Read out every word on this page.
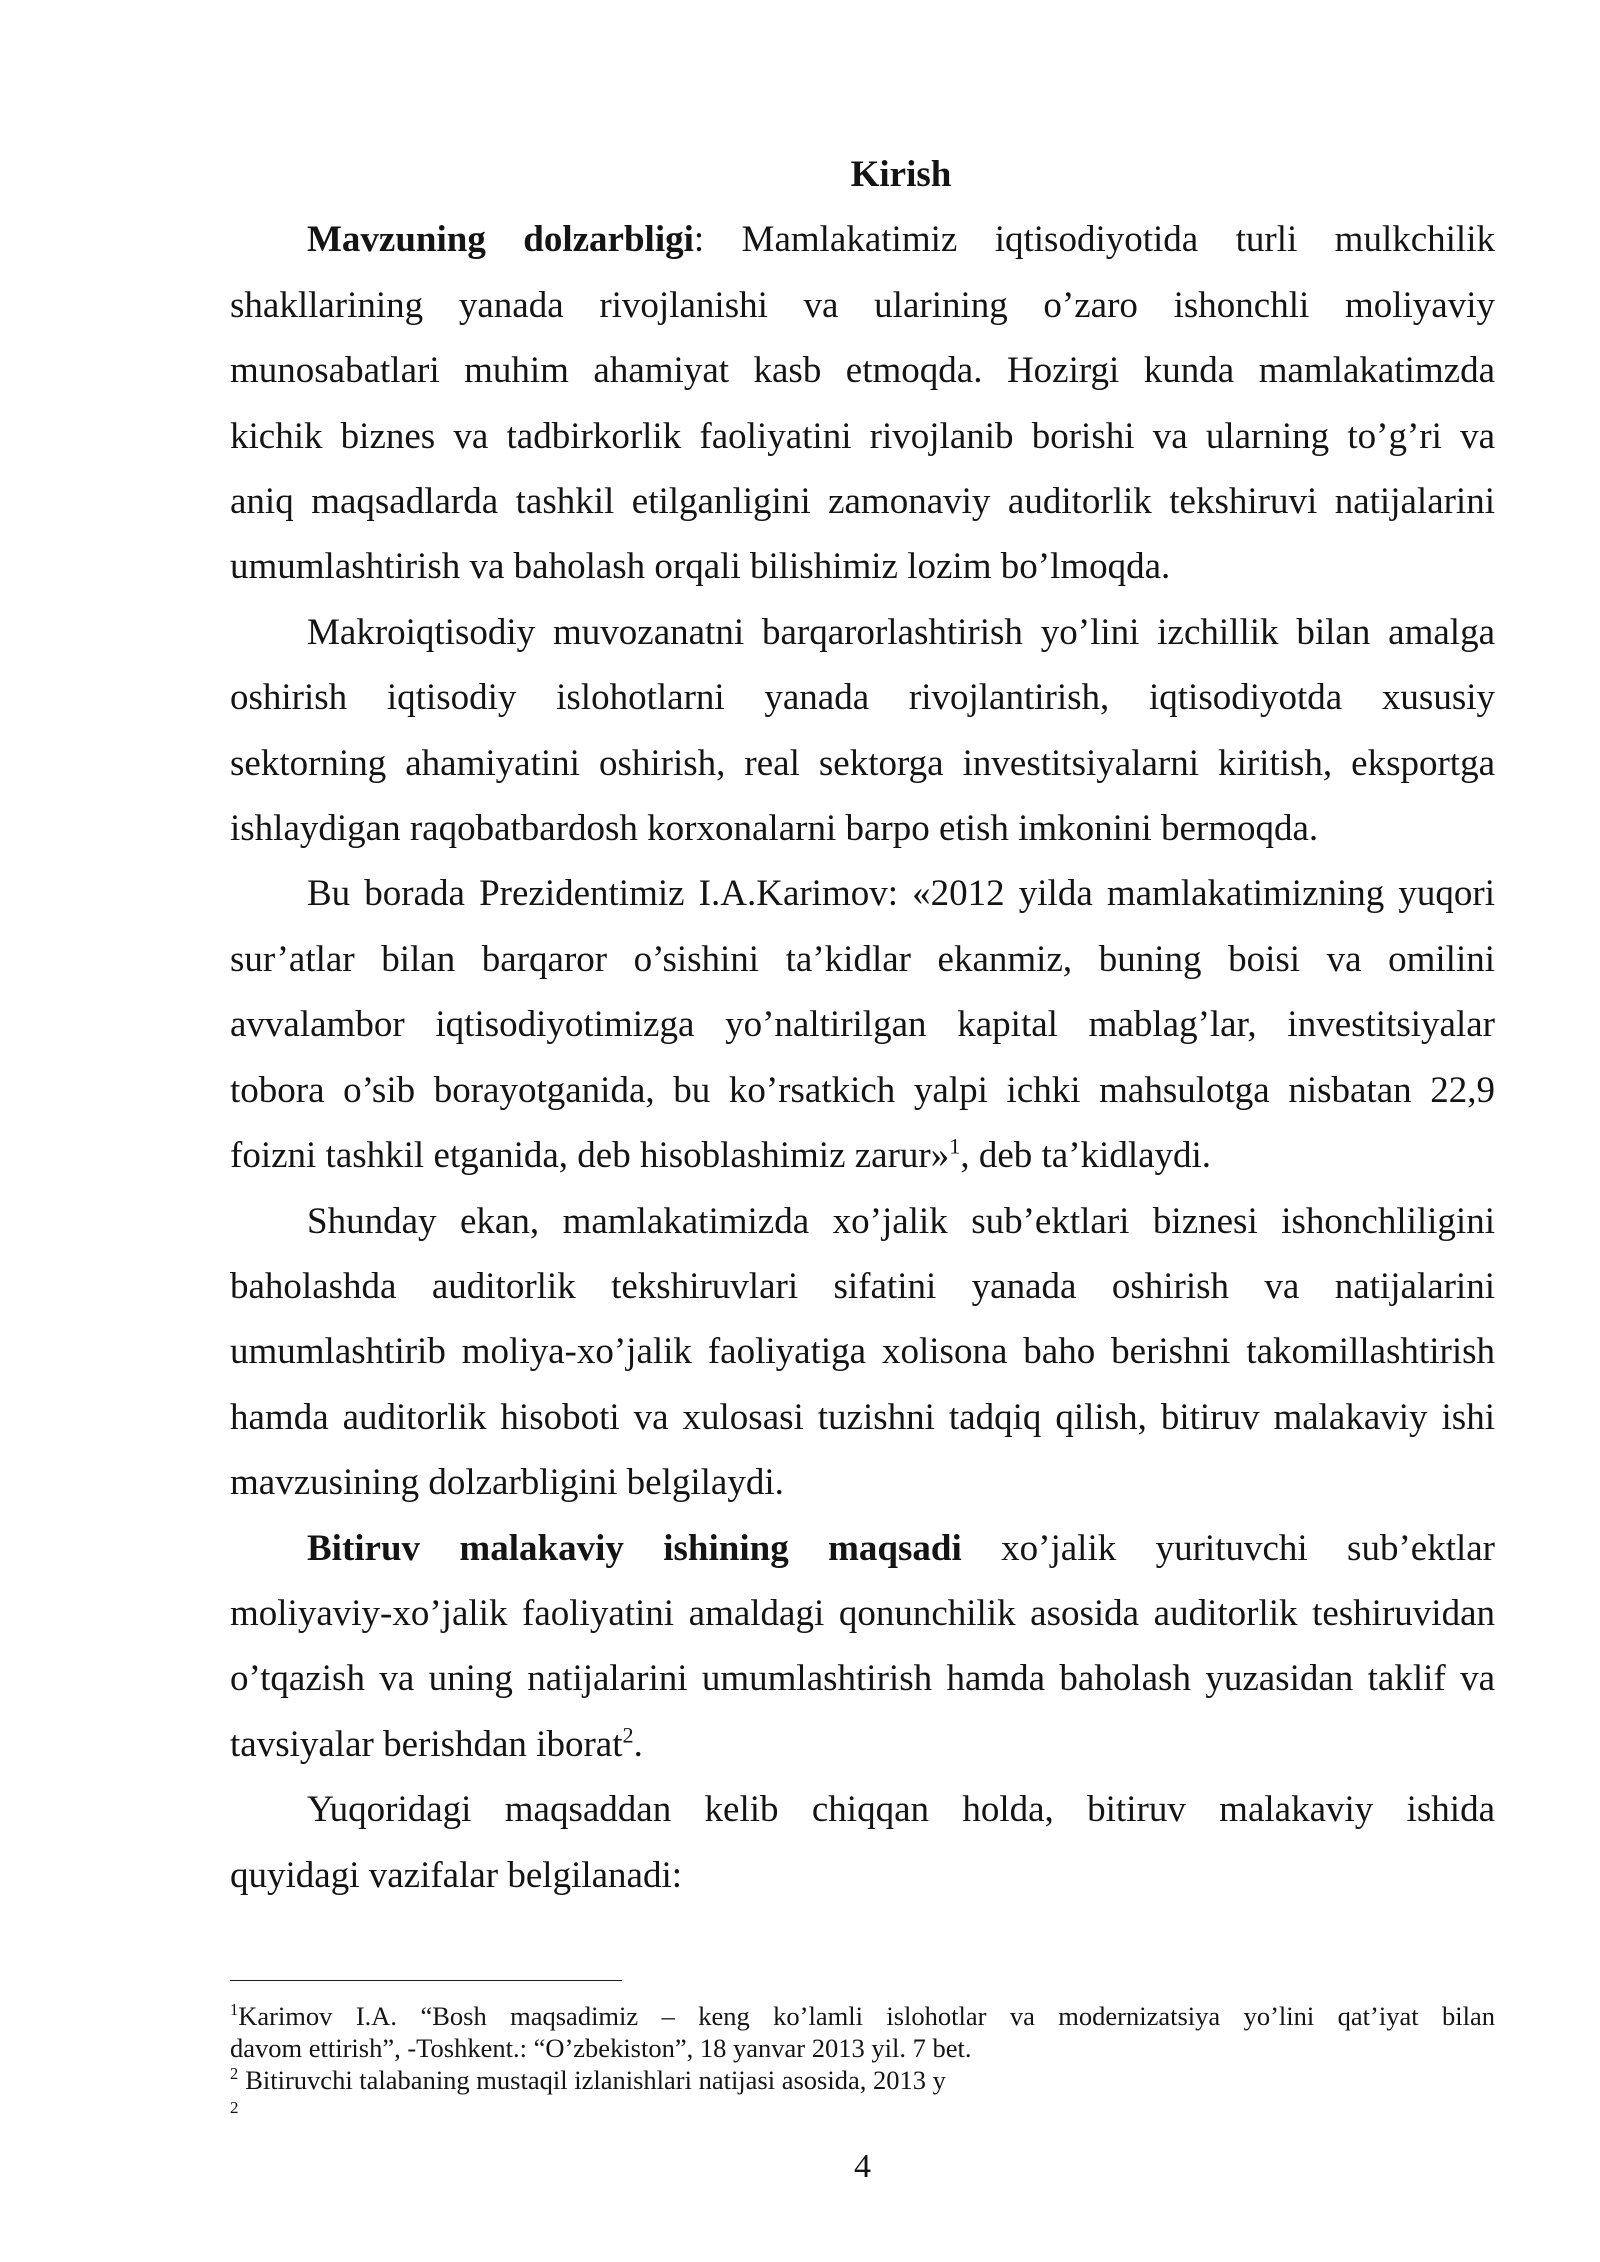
Kirish
Mavzuning dolzarbligi: Mamlakatimiz iqtisodiyotida turli mulkchilik
shakllarining yanada rivojlanishi va ularining o’zaro ishonchli moliyaviy
munosabatlari muhim ahamiyat kasb etmoqda. Hozirgi kunda mamlakatimzda
kichik biznes va tadbirkorlik faoliyatini rivojlanib borishi va ularning to’g’ri va
aniq maqsadlarda tashkil etilganligini zamonaviy auditorlik tekshiruvi natijalarini
umumlashtirish va baholash orqali bilishimiz lozim bo’lmoqda.
Makroiqtisodiy muvozanatni barqarorlashtirish yo’lini izchillik bilan amalga
oshirish iqtisodiy islohotlarni yanada rivojlantirish, iqtisodiyotda xususiy
sektorning ahamiyatini oshirish, real sektorga investitsiyalarni kiritish, eksportga
ishlaydigan raqobatbardosh korxonalarni barpo etish imkonini bermoqda.
Bu borada Prezidentimiz I.A.Karimov: «2012 yilda mamlakatimizning yuqori
sur’atlar bilan barqaror o’sishini ta’kidlar ekanmiz, buning boisi va omilini
avvalambor iqtisodiyotimizga yo’naltirilgan kapital mablag’lar, investitsiyalar
tobora o’sib borayotganida, bu ko’rsatkich yalpi ichki mahsulotga nisbatan 22,9
foizni tashkil etganida, deb hisoblashimiz zarur»$^1$, deb ta’kidlaydi.
Shunday ekan, mamlakatimizda xo’jalik sub’ektlari biznesi ishonchliligini
baholashda auditorlik tekshiruvlari sifatini yanada oshirish va natijalarini
umumlashtirib moliya-xo’jalik faoliyatiga xolisona baho berishni takomillashtirish
hamda auditorlik hisoboti va xulosasi tuzishni tadqiq qilish, bitiruv malakaviy ishi
mavzusining dolzarbligini belgilaydi.
Bitiruv malakaviy ishining maqsadi xo’jalik yurituvchi sub’ektlar
moliyaviy-xo’jalik faoliyatini amaldagi qonunchilik asosida auditorlik teshiruvidan
o’tqazish va uning natijalarini umumlashtirish hamda baholash yuzasidan taklif va
tavsiyalar berishdan iborat$^2$.
Yuqoridagi maqsaddan kelib chiqqan holda, bitiruv malakaviy ishida
quyidagi vazifalar belgilanadi:
$^1$Karimov I.A. “Bosh maqsadimiz – keng ko’lamli islohotlar va modernizatsiya yo’lini qat’iyat bilan
davom ettirish”, -Toshkent.: “O’zbekiston”, 18 yanvar 2013 yil. 7 bet.
$^2$ Bitiruvchi talabaning mustaqil izlanishlari natijasi asosida, 2013 y
2
4
